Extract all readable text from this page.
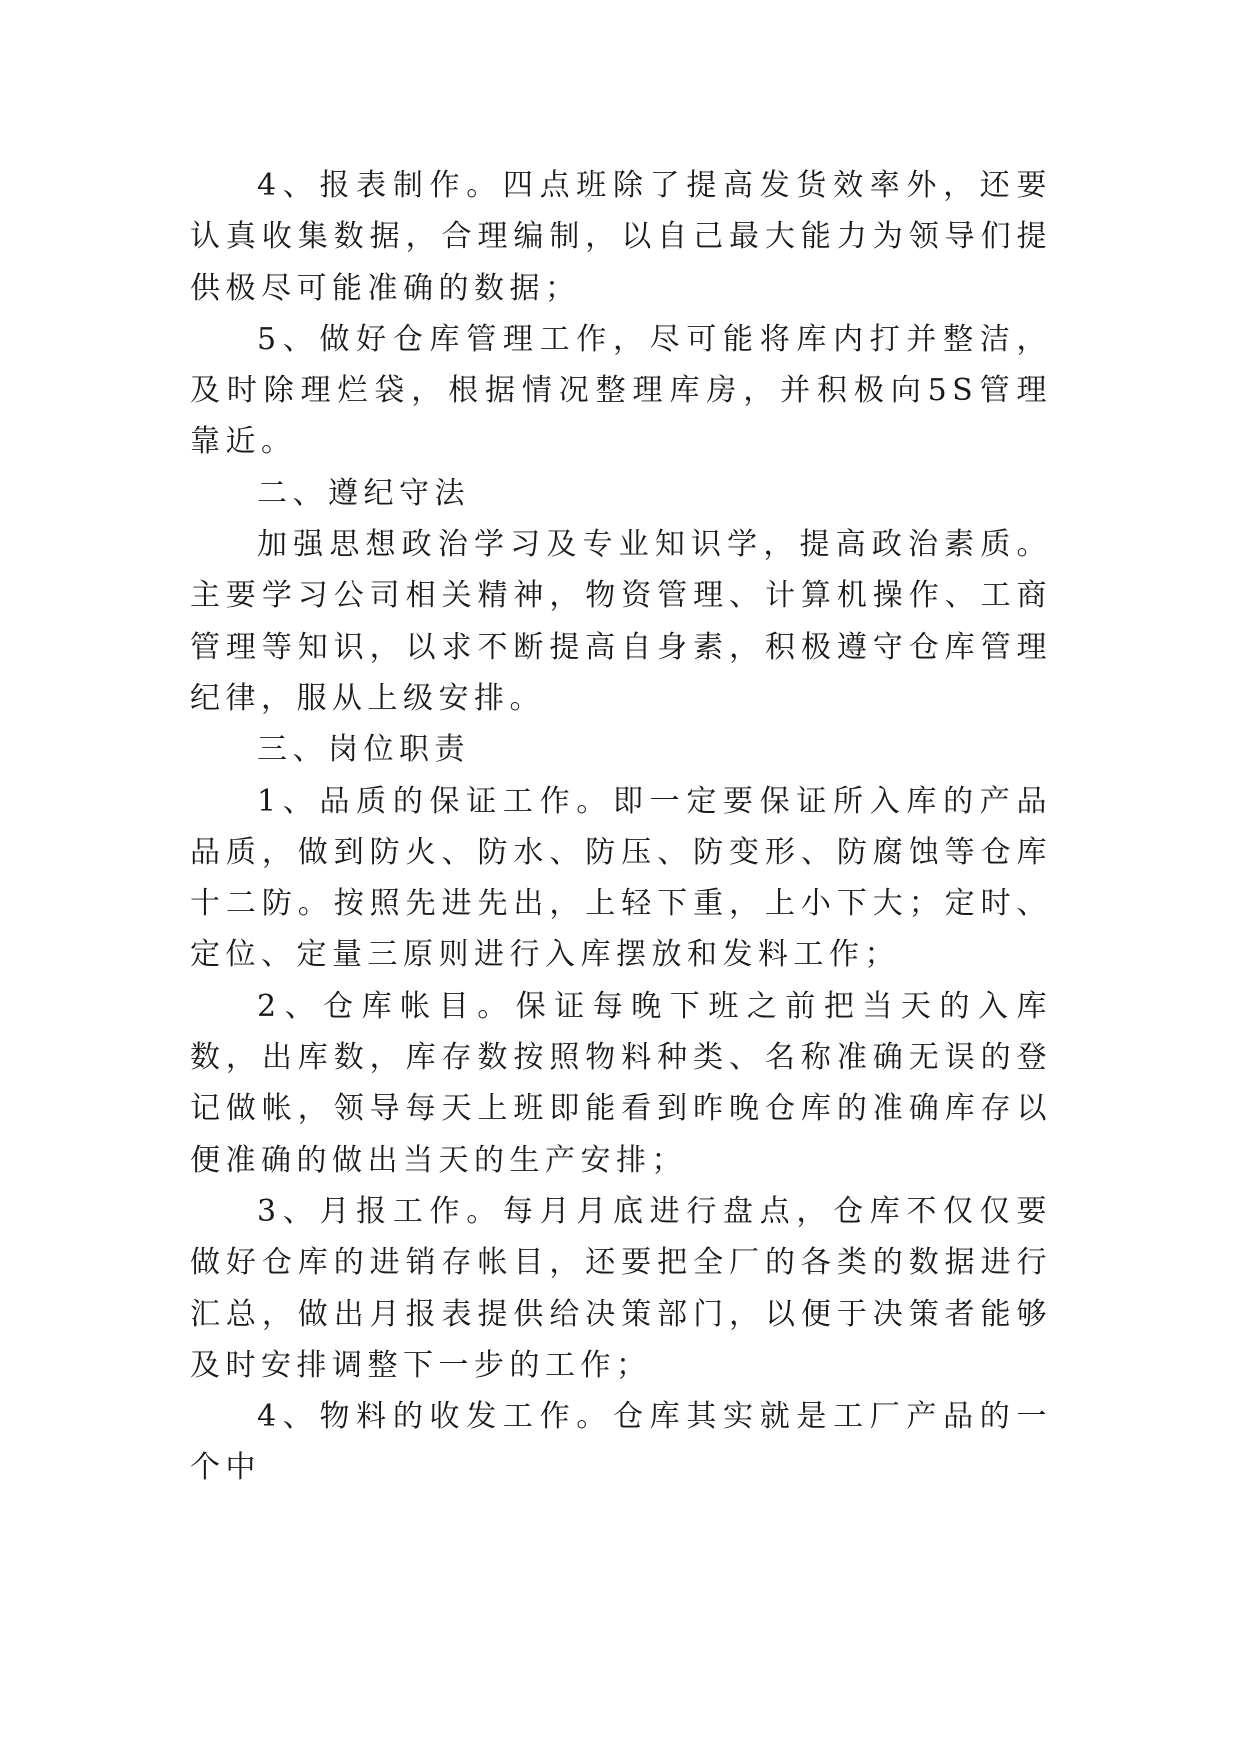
4、报表制作。四点班除了提高发货效率外，还要认真收集数据，合理编制，以自己最大能力为领导们提供极尽可能准确的数据；

5、做好仓库管理工作，尽可能将库内打并整洁，及时除理烂袋，根据情况整理库房，并积极向5S管理靠近。

二、遵纪守法

加强思想政治学习及专业知识学，提高政治素质。主要学习公司相关精神，物资管理、计算机操作、工商管理等知识，以求不断提高自身素，积极遵守仓库管理纪律，服从上级安排。

三、岗位职责

1、品质的保证工作。即一定要保证所入库的产品品质，做到防火、防水、防压、防变形、防腐蚀等仓库十二防。按照先进先出，上轻下重，上小下大；定时、定位、定量三原则进行入库摆放和发料工作；

2、仓库帐目。保证每晚下班之前把当天的入库数，出库数，库存数按照物料种类、名称准确无误的登记做帐，领导每天上班即能看到昨晚仓库的准确库存以便准确的做出当天的生产安排；

3、月报工作。每月月底进行盘点，仓库不仅仅要做好仓库的进销存帐目，还要把全厂的各类的数据进行汇总，做出月报表提供给决策部门，以便于决策者能够及时安排调整下一步的工作；

4、物料的收发工作。仓库其实就是工厂产品的一个中
